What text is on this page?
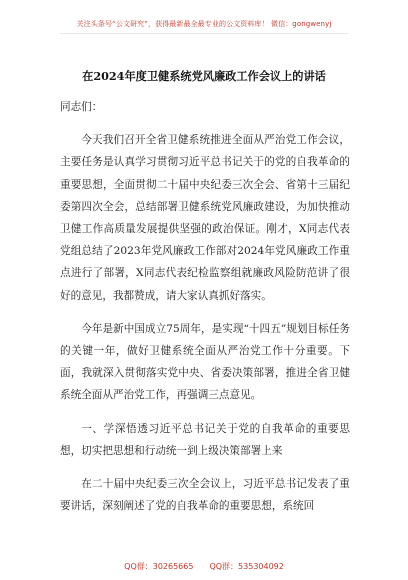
关注头条号“公文研究”，获得最新最全最专业的公文资料库！ 微信：gongwenyj
在2024年度卫健系统党风廉政工作会议上的讲话

同志们：

今天我们召开全省卫健系统推进全面从严治党工作会议，主要任务是认真学习贯彻习近平总书记关于的党的自我革命的重要思想，全面贯彻二十届中央纪委三次全会、省第十三届纪委第四次全会，总结部署卫健系统党风廉政建设，为加快推动卫健工作高质量发展提供坚强的政治保证。刚才，X同志代表党组总结了2023年党风廉政工作部对2024年党风廉政工作重点进行了部署，X同志代表纪检监察组就廉政风险防范讲了很好的意见，我都赞成，请大家认真抓好落实。

今年是新中国成立75周年，是实现“十四五”规划目标任务的关键一年，做好卫健系统全面从严治党工作十分重要。下面，我就深入贯彻落实党中央、省委决策部署，推进全省卫健系统全面从严治党工作，再强调三点意见。

一、学深悟透习近平总书记关于党的自我革命的重要思想，切实把思想和行动统一到上级决策部署上来

在二十届中央纪委三次全会议上，习近平总书记发表了重要讲话，深刻阐述了党的自我革命的重要思想，系统回

QQ群：30265665 QQ群：535304092
